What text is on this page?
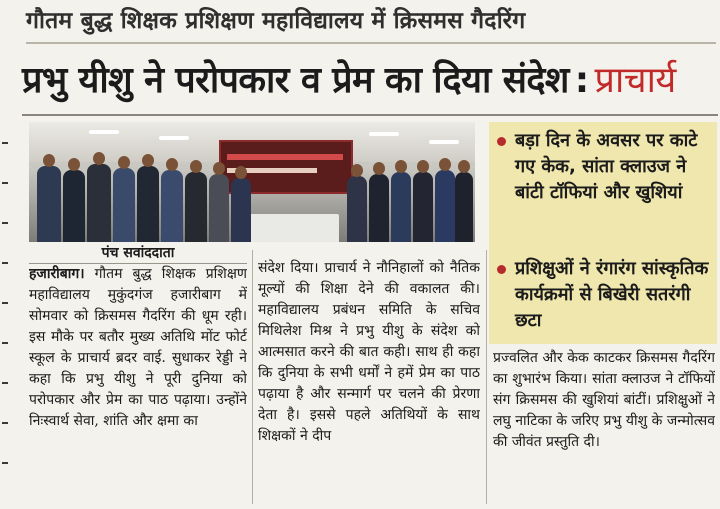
गौतम बुद्ध शिक्षक प्रशिक्षण महाविद्यालय में क्रिसमस गैदरिंग
प्रभु यीशु ने परोपकार व प्रेम का दिया संदेश : प्राचार्य
बड़ा दिन के अवसर पर काटे गए केक, सांता क्लाउज ने बांटी टॉफियां और खुशियां
प्रशिक्षुओं ने रंगारंग सांस्कृतिक कार्यक्रमों से बिखेरी सतरंगी छटा
पंच सवांददाता
हजारीबाग। गौतम बुद्ध शिक्षक प्रशिक्षण महाविद्यालय मुकुंदगंज हजारीबाग में सोमवार को क्रिसमस गैदरिंग की धूम रही। इस मौके पर बतौर मुख्य अतिथि मोंट फोर्ट स्कूल के प्राचार्य ब्रदर वाई. सुधाकर रेड्डी ने कहा कि प्रभु यीशु ने पूरी दुनिया को परोपकार और प्रेम का पाठ पढ़ाया। उन्होंने निःस्वार्थ सेवा, शांति और क्षमा का
संदेश दिया। प्राचार्य ने नौनिहालों को नैतिक मूल्यों की शिक्षा देने की वकालत की। महाविद्यालय प्रबंधन समिति के सचिव मिथिलेश मिश्र ने प्रभु यीशु के संदेश को आत्मसात करने की बात कही। साथ ही कहा कि दुनिया के सभी धर्मों ने हमें प्रेम का पाठ पढ़ाया है और सन्मार्ग पर चलने की प्रेरणा देता है। इससे पहले अतिथियों के साथ शिक्षकों ने दीप
प्रज्वलित और केक काटकर क्रिसमस गैदरिंग का शुभारंभ किया। सांता क्लाउज ने टॉफियों संग क्रिसमस की खुशियां बांटीं। प्रशिक्षुओं ने लघु नाटिका के जरिए प्रभु यीशु के जन्मोत्सव की जीवंत प्रस्तुति दी।
